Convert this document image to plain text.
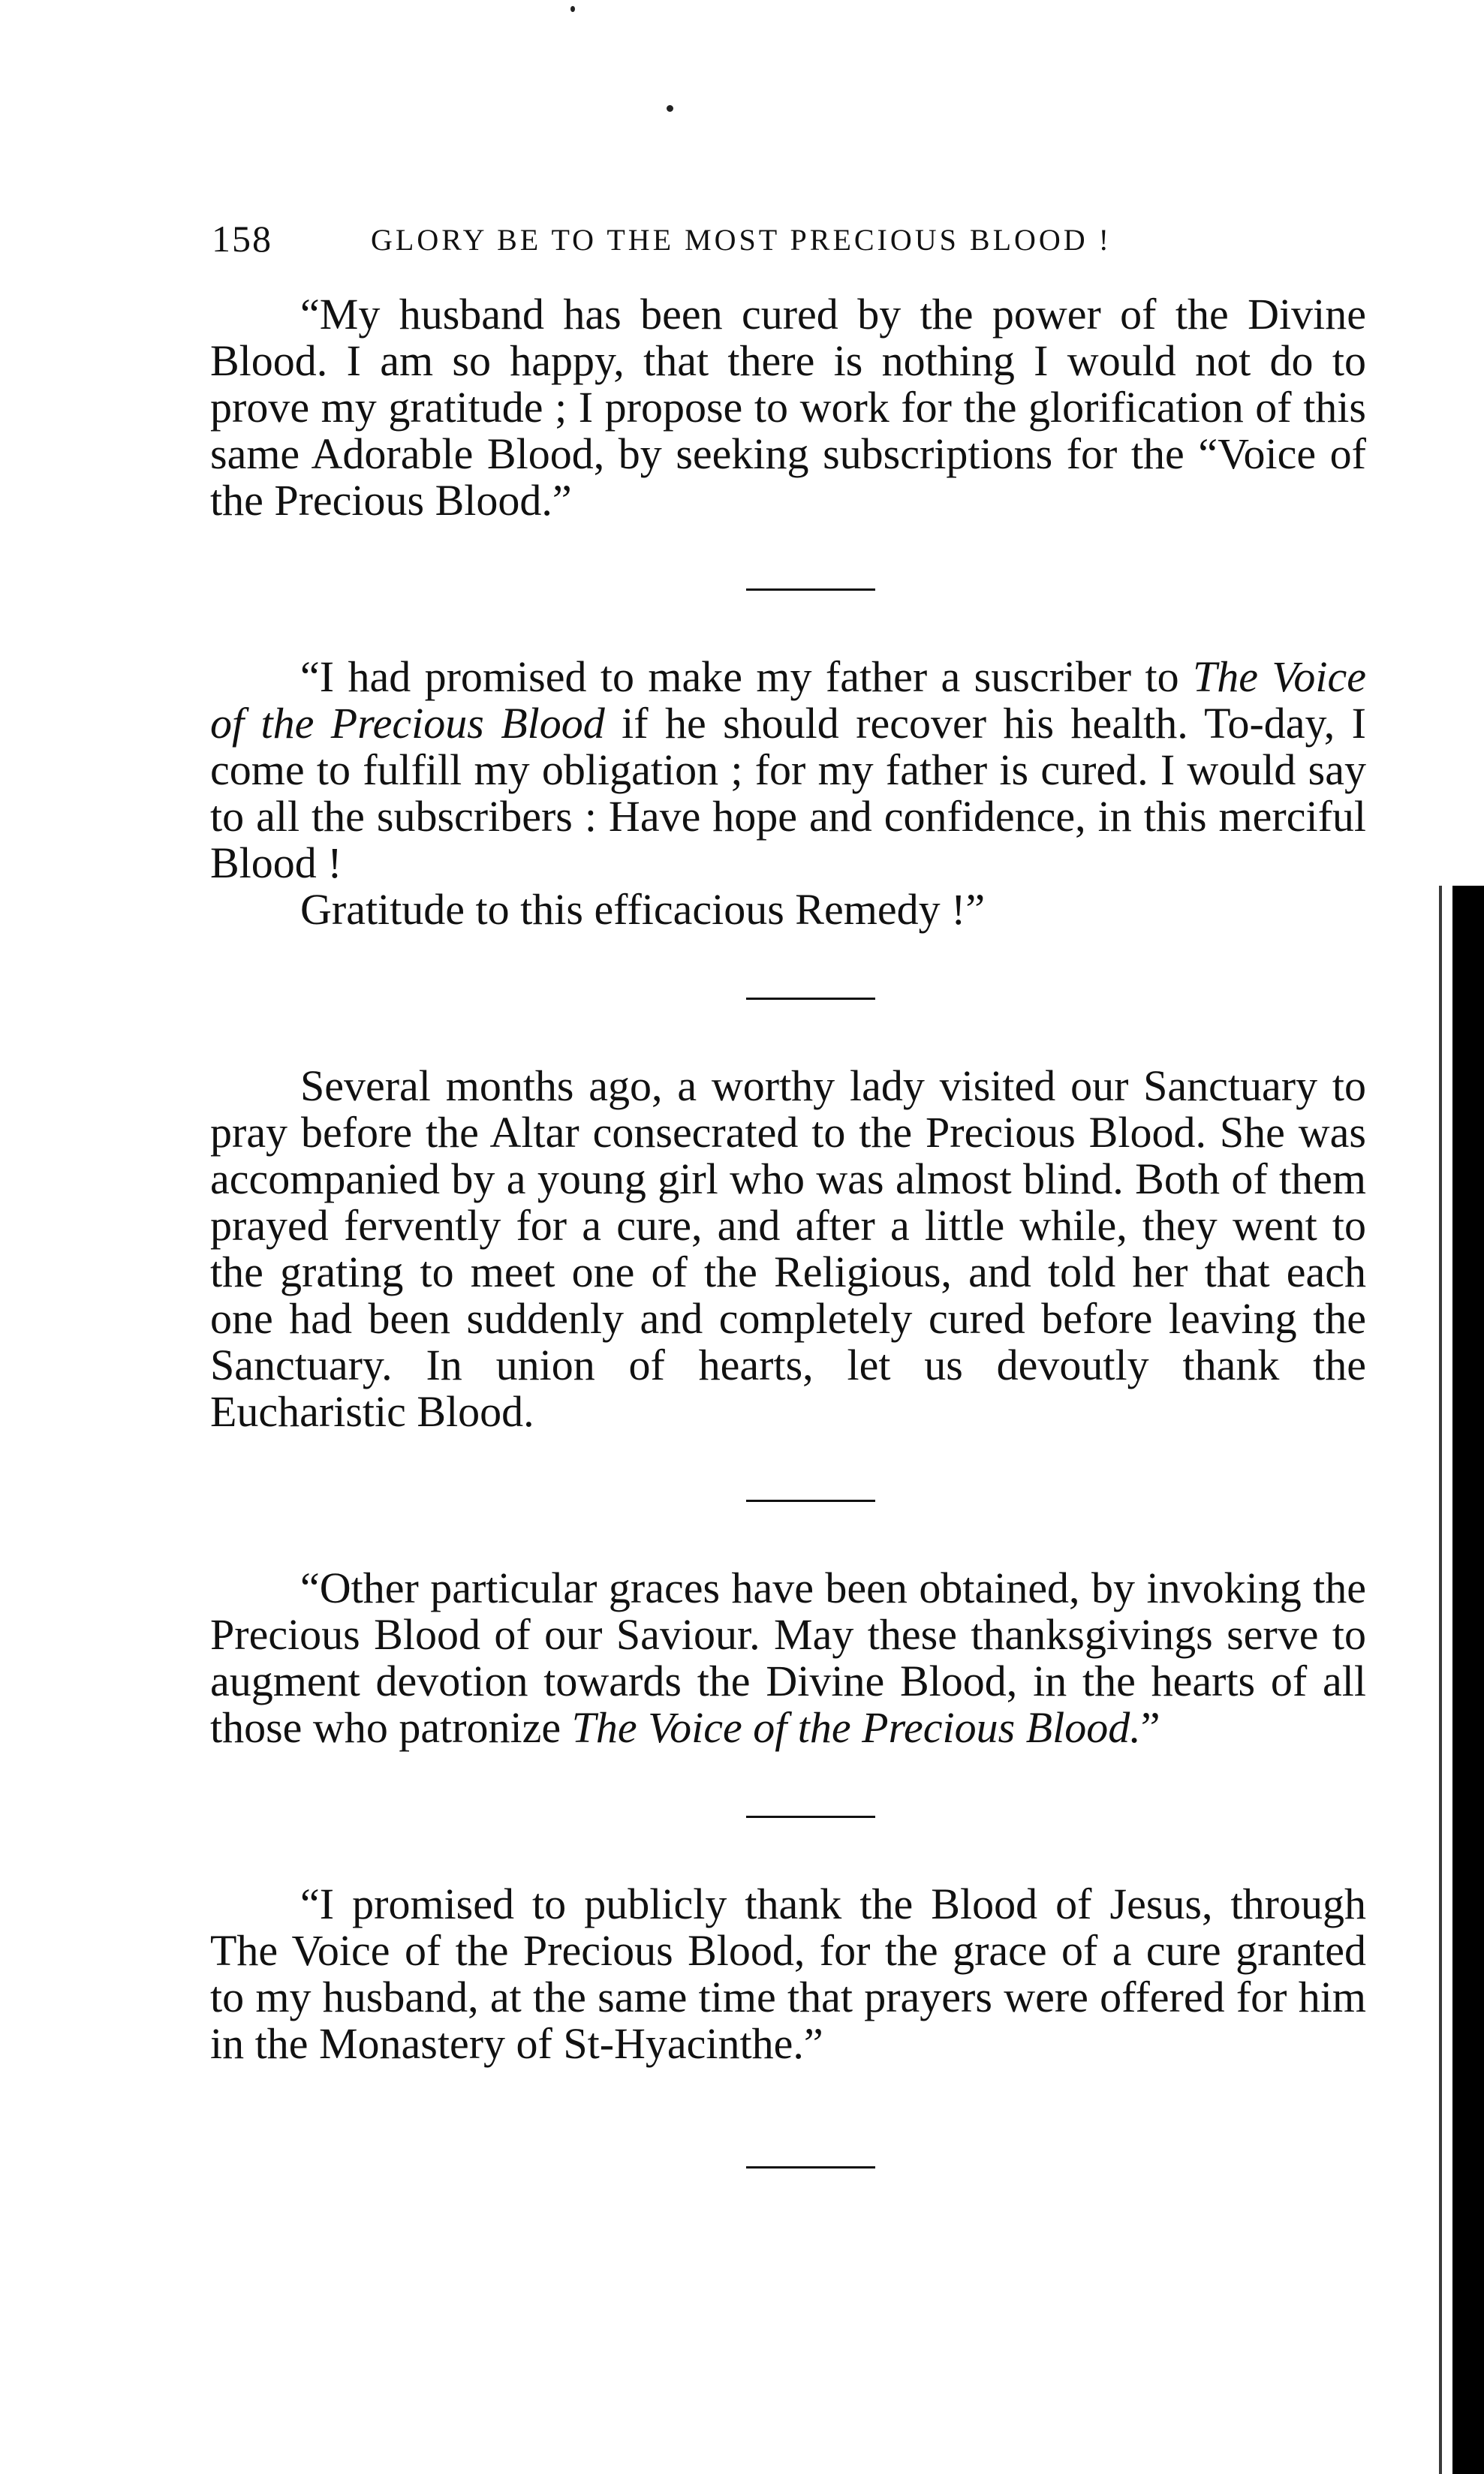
158	GLORY BE TO THE MOST PRECIOUS BLOOD !

“My husband has been cured by the power of the Divine Blood. I am so happy, that there is nothing I would not do to prove my gratitude ; I propose to work for the glorification of this same Adorable Blood, by seeking subscriptions for the “Voice of the Precious Blood.”

“I had promised to make my father a suscriber to The Voice of the Precious Blood if he should recover his health. To-day, I come to fulfill my obligation ; for my father is cured. I would say to all the subscribers : Have hope and confidence, in this merciful Blood !

Gratitude to this efficacious Remedy !”

Several months ago, a worthy lady visited our Sanctuary to pray before the Altar consecrated to the Precious Blood. She was accompanied by a young girl who was almost blind. Both of them prayed fervently for a cure, and after a little while, they went to the grating to meet one of the Religious, and told her that each one had been suddenly and completely cured before leaving the Sanctuary. In union of hearts, let us devoutly thank the Eucharistic Blood.

“Other particular graces have been obtained, by invoking the Precious Blood of our Saviour. May these thanksgivings serve to augment devotion towards the Divine Blood, in the hearts of all those who patronize The Voice of the Precious Blood.”

“I promised to publicly thank the Blood of Jesus, through The Voice of the Precious Blood, for the grace of a cure granted to my husband, at the same time that prayers were offered for him in the Monastery of St-Hyacinthe.”
